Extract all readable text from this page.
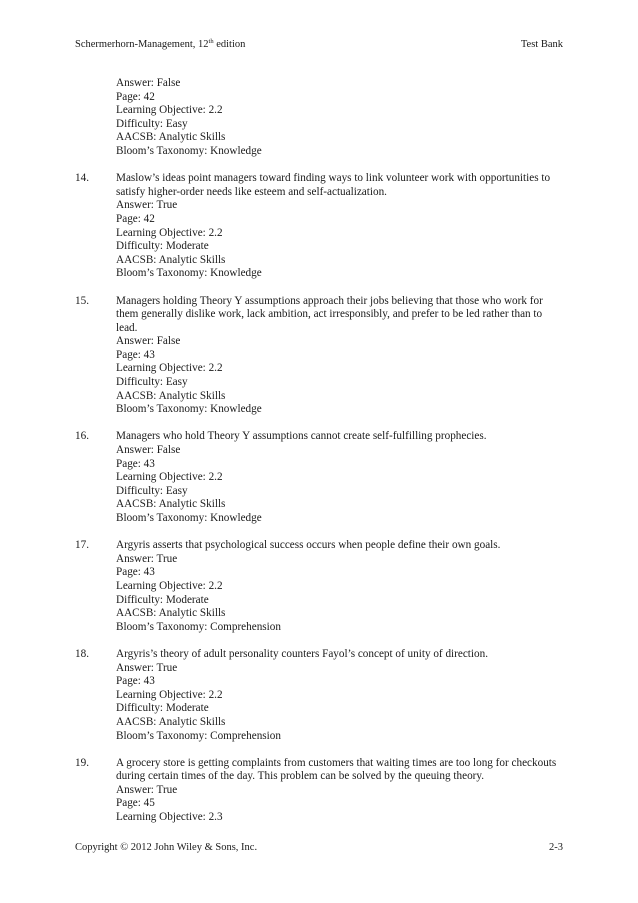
Schermerhorn-Management, 12th edition	Test Bank
Answer: False
Page: 42
Learning Objective: 2.2
Difficulty: Easy
AACSB: Analytic Skills
Bloom’s Taxonomy: Knowledge
14.	Maslow’s ideas point managers toward finding ways to link volunteer work with opportunities to satisfy higher-order needs like esteem and self-actualization.
Answer: True
Page: 42
Learning Objective: 2.2
Difficulty: Moderate
AACSB: Analytic Skills
Bloom’s Taxonomy: Knowledge
15.	Managers holding Theory Y assumptions approach their jobs believing that those who work for them generally dislike work, lack ambition, act irresponsibly, and prefer to be led rather than to lead.
Answer: False
Page: 43
Learning Objective: 2.2
Difficulty: Easy
AACSB: Analytic Skills
Bloom’s Taxonomy: Knowledge
16.	Managers who hold Theory Y assumptions cannot create self-fulfilling prophecies.
Answer: False
Page: 43
Learning Objective: 2.2
Difficulty: Easy
AACSB: Analytic Skills
Bloom’s Taxonomy: Knowledge
17.	Argyris asserts that psychological success occurs when people define their own goals.
Answer: True
Page: 43
Learning Objective: 2.2
Difficulty: Moderate
AACSB: Analytic Skills
Bloom’s Taxonomy: Comprehension
18.	Argyris’s theory of adult personality counters Fayol’s concept of unity of direction.
Answer: True
Page: 43
Learning Objective: 2.2
Difficulty: Moderate
AACSB: Analytic Skills
Bloom’s Taxonomy: Comprehension
19.	A grocery store is getting complaints from customers that waiting times are too long for checkouts during certain times of the day. This problem can be solved by the queuing theory.
Answer: True
Page: 45
Learning Objective: 2.3
Copyright © 2012 John Wiley & Sons, Inc.	2-3
